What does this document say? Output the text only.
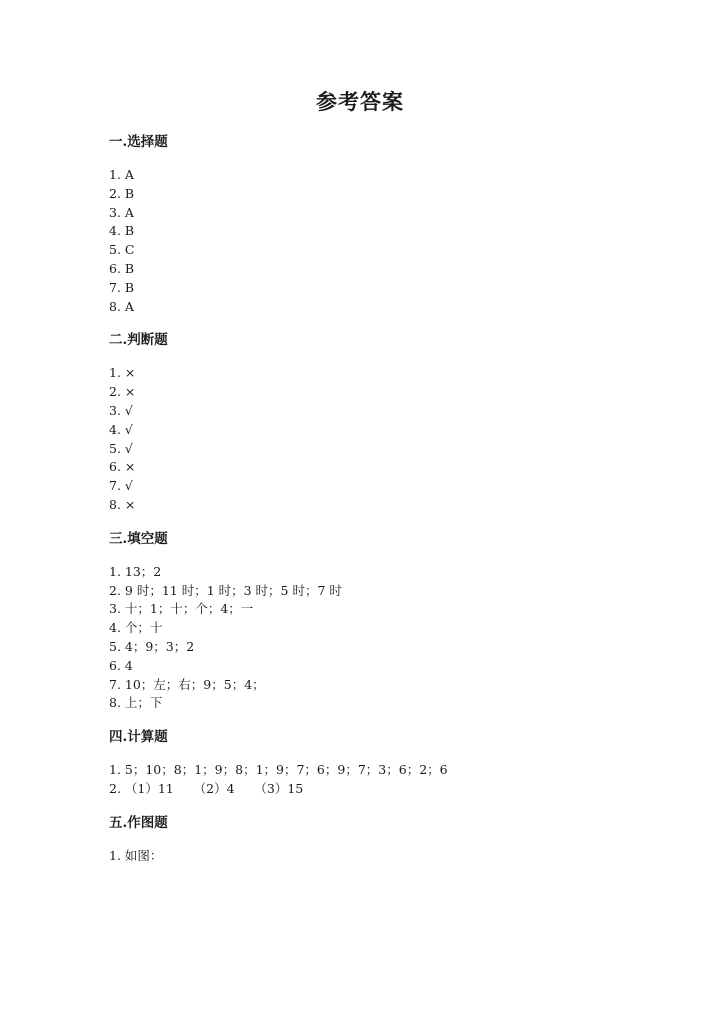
参考答案
一.选择题
1. A
2. B
3. A
4. B
5. C
6. B
7. B
8. A
二.判断题
1. ×
2. ×
3. √
4. √
5. √
6. ×
7. √
8. ×
三.填空题
1. 13；2
2. 9 时；11 时；1 时；3 时；5 时；7 时
3. 十；1；十；个；4；一
4. 个；十
5. 4；9；3；2
6. 4
7. 10；左；右；9；5；4；
8. 上；下
四.计算题
1. 5；10；8；1；9；8；1；9；7；6；9；7；3；6；2；6
2. （1）11     （2）4     （3）15
五.作图题
1. 如图：
